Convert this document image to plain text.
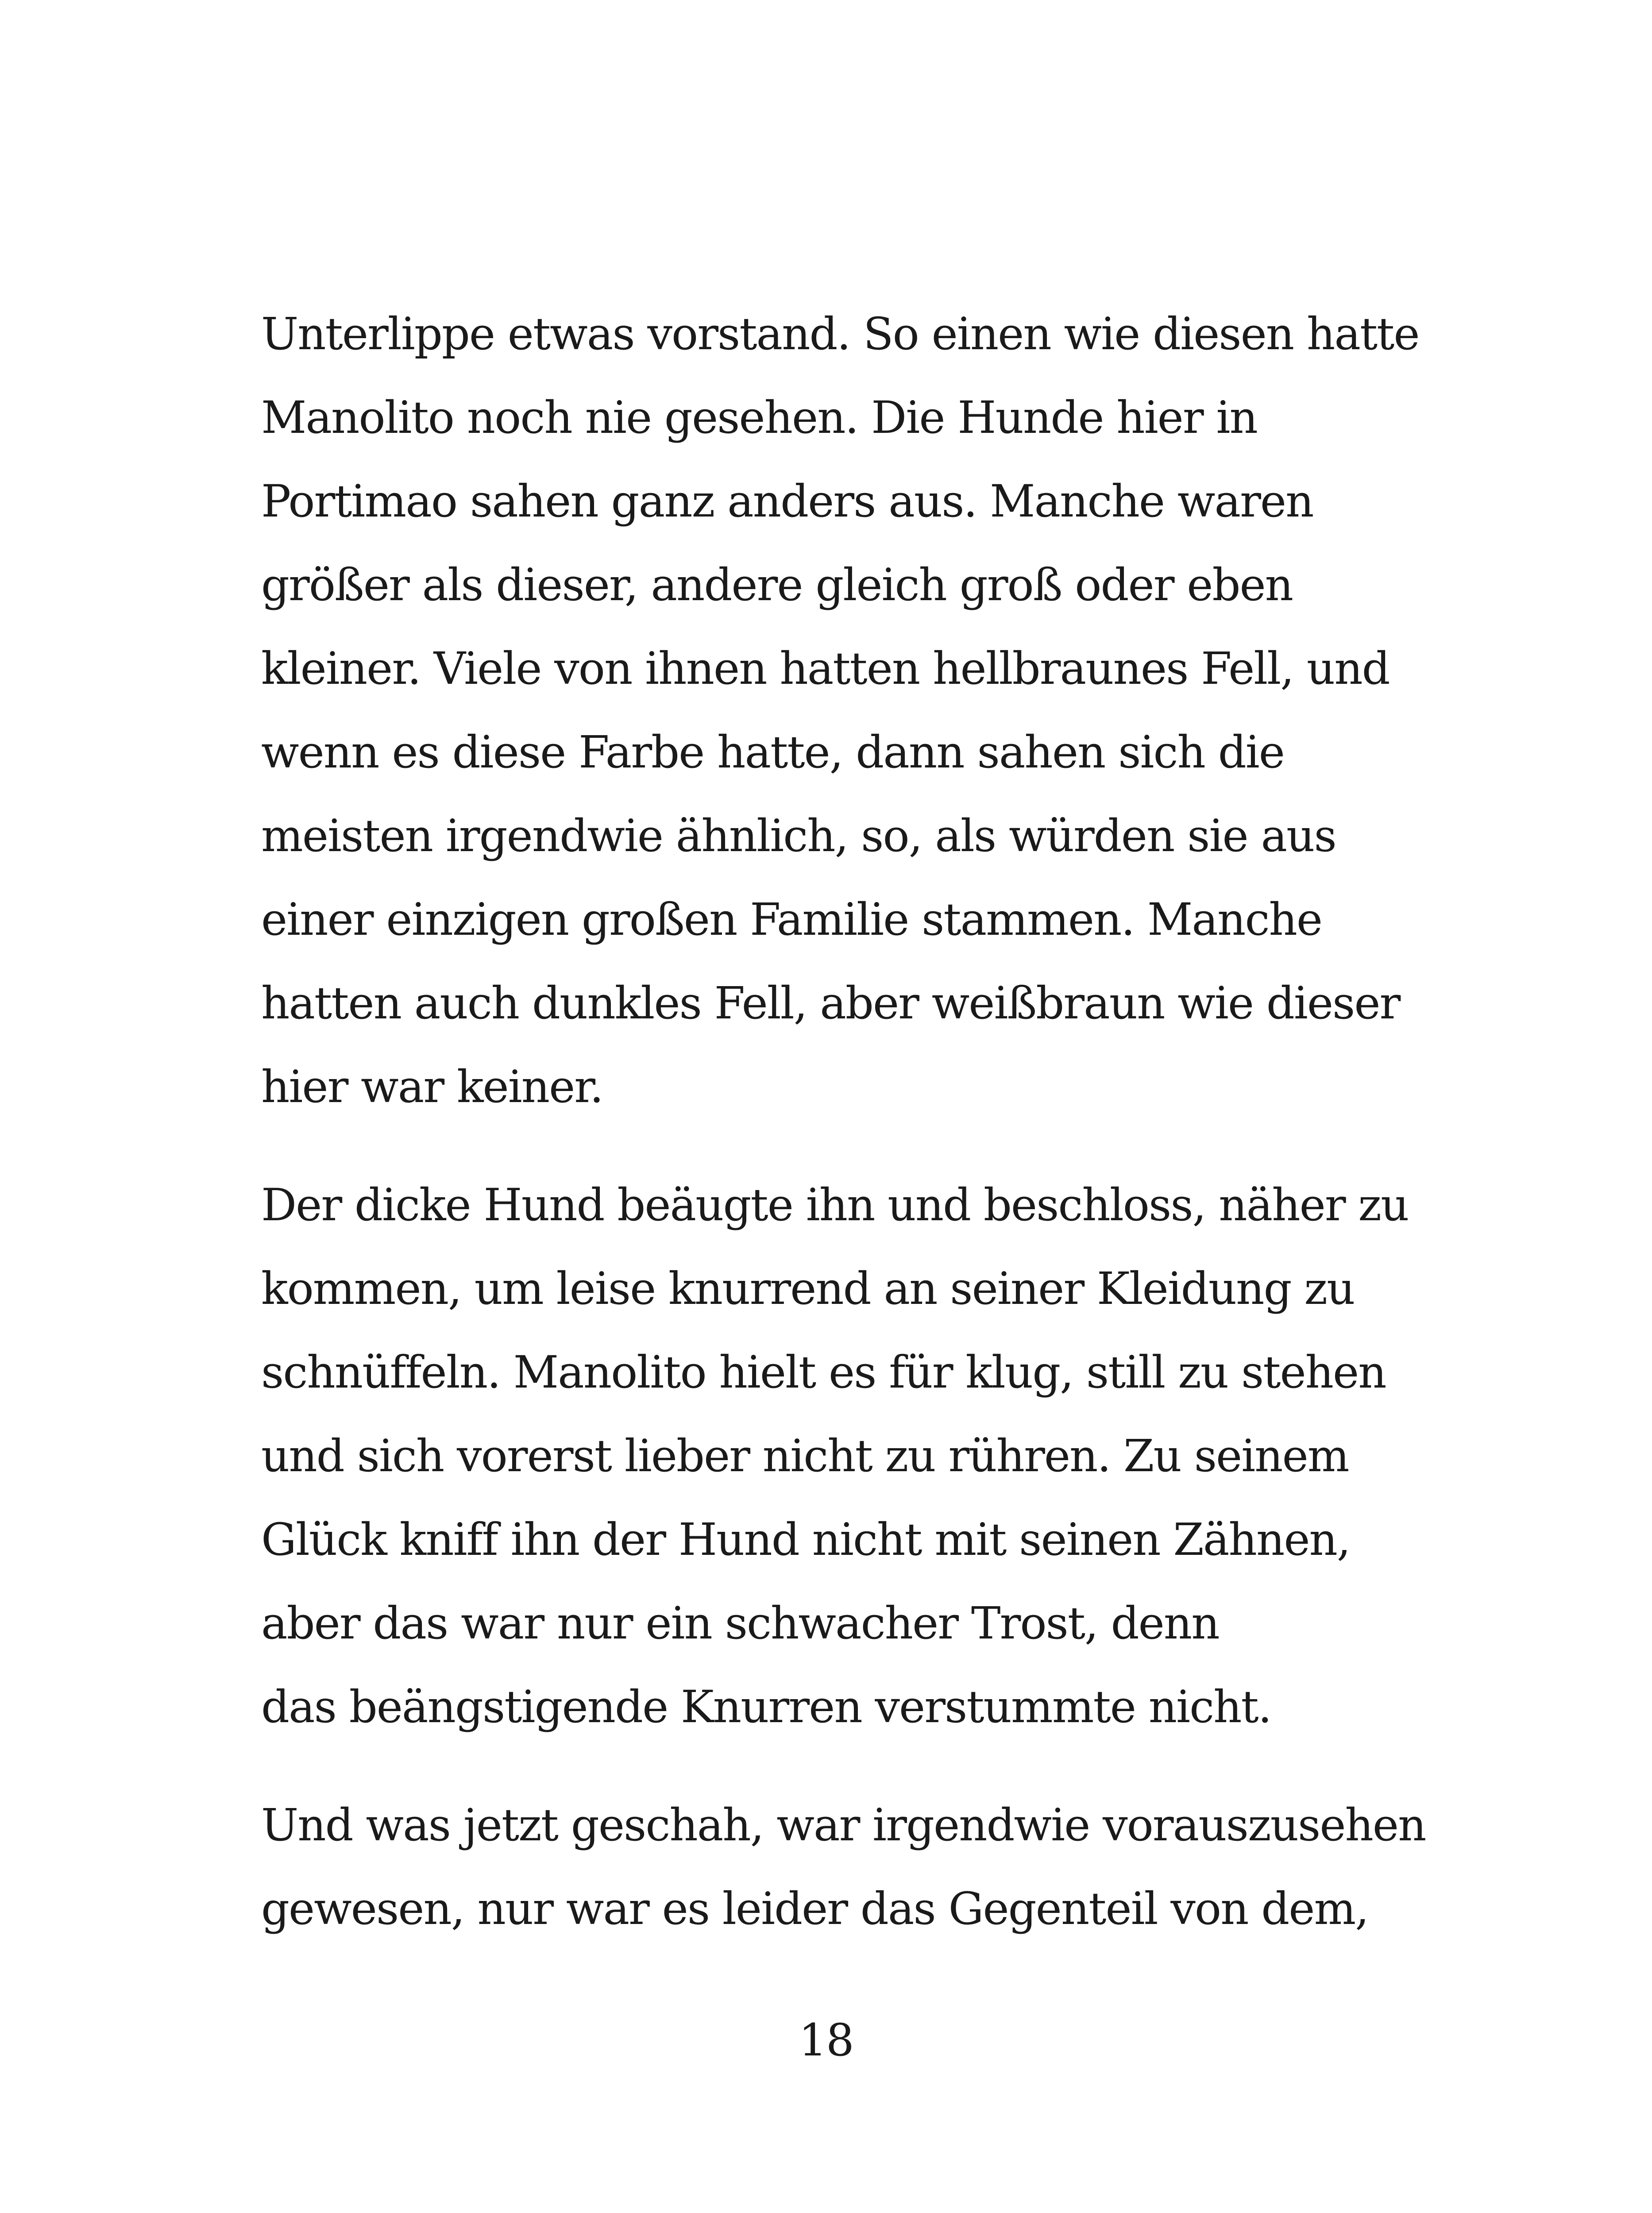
Unterlippe etwas vorstand. So einen wie diesen hatte
Manolito noch nie gesehen. Die Hunde hier in
Portimao sahen ganz anders aus. Manche waren
größer als dieser, andere gleich groß oder eben
kleiner. Viele von ihnen hatten hellbraunes Fell, und
wenn es diese Farbe hatte, dann sahen sich die
meisten irgendwie ähnlich, so, als würden sie aus
einer einzigen großen Familie stammen. Manche
hatten auch dunkles Fell, aber weißbraun wie dieser
hier war keiner.
Der dicke Hund beäugte ihn und beschloss, näher zu
kommen, um leise knurrend an seiner Kleidung zu
schnüffeln. Manolito hielt es für klug, still zu stehen
und sich vorerst lieber nicht zu rühren. Zu seinem
Glück kniff ihn der Hund nicht mit seinen Zähnen,
aber das war nur ein schwacher Trost, denn
das beängstigende Knurren verstummte nicht.
Und was jetzt geschah, war irgendwie vorauszusehen
gewesen, nur war es leider das Gegenteil von dem,
18
